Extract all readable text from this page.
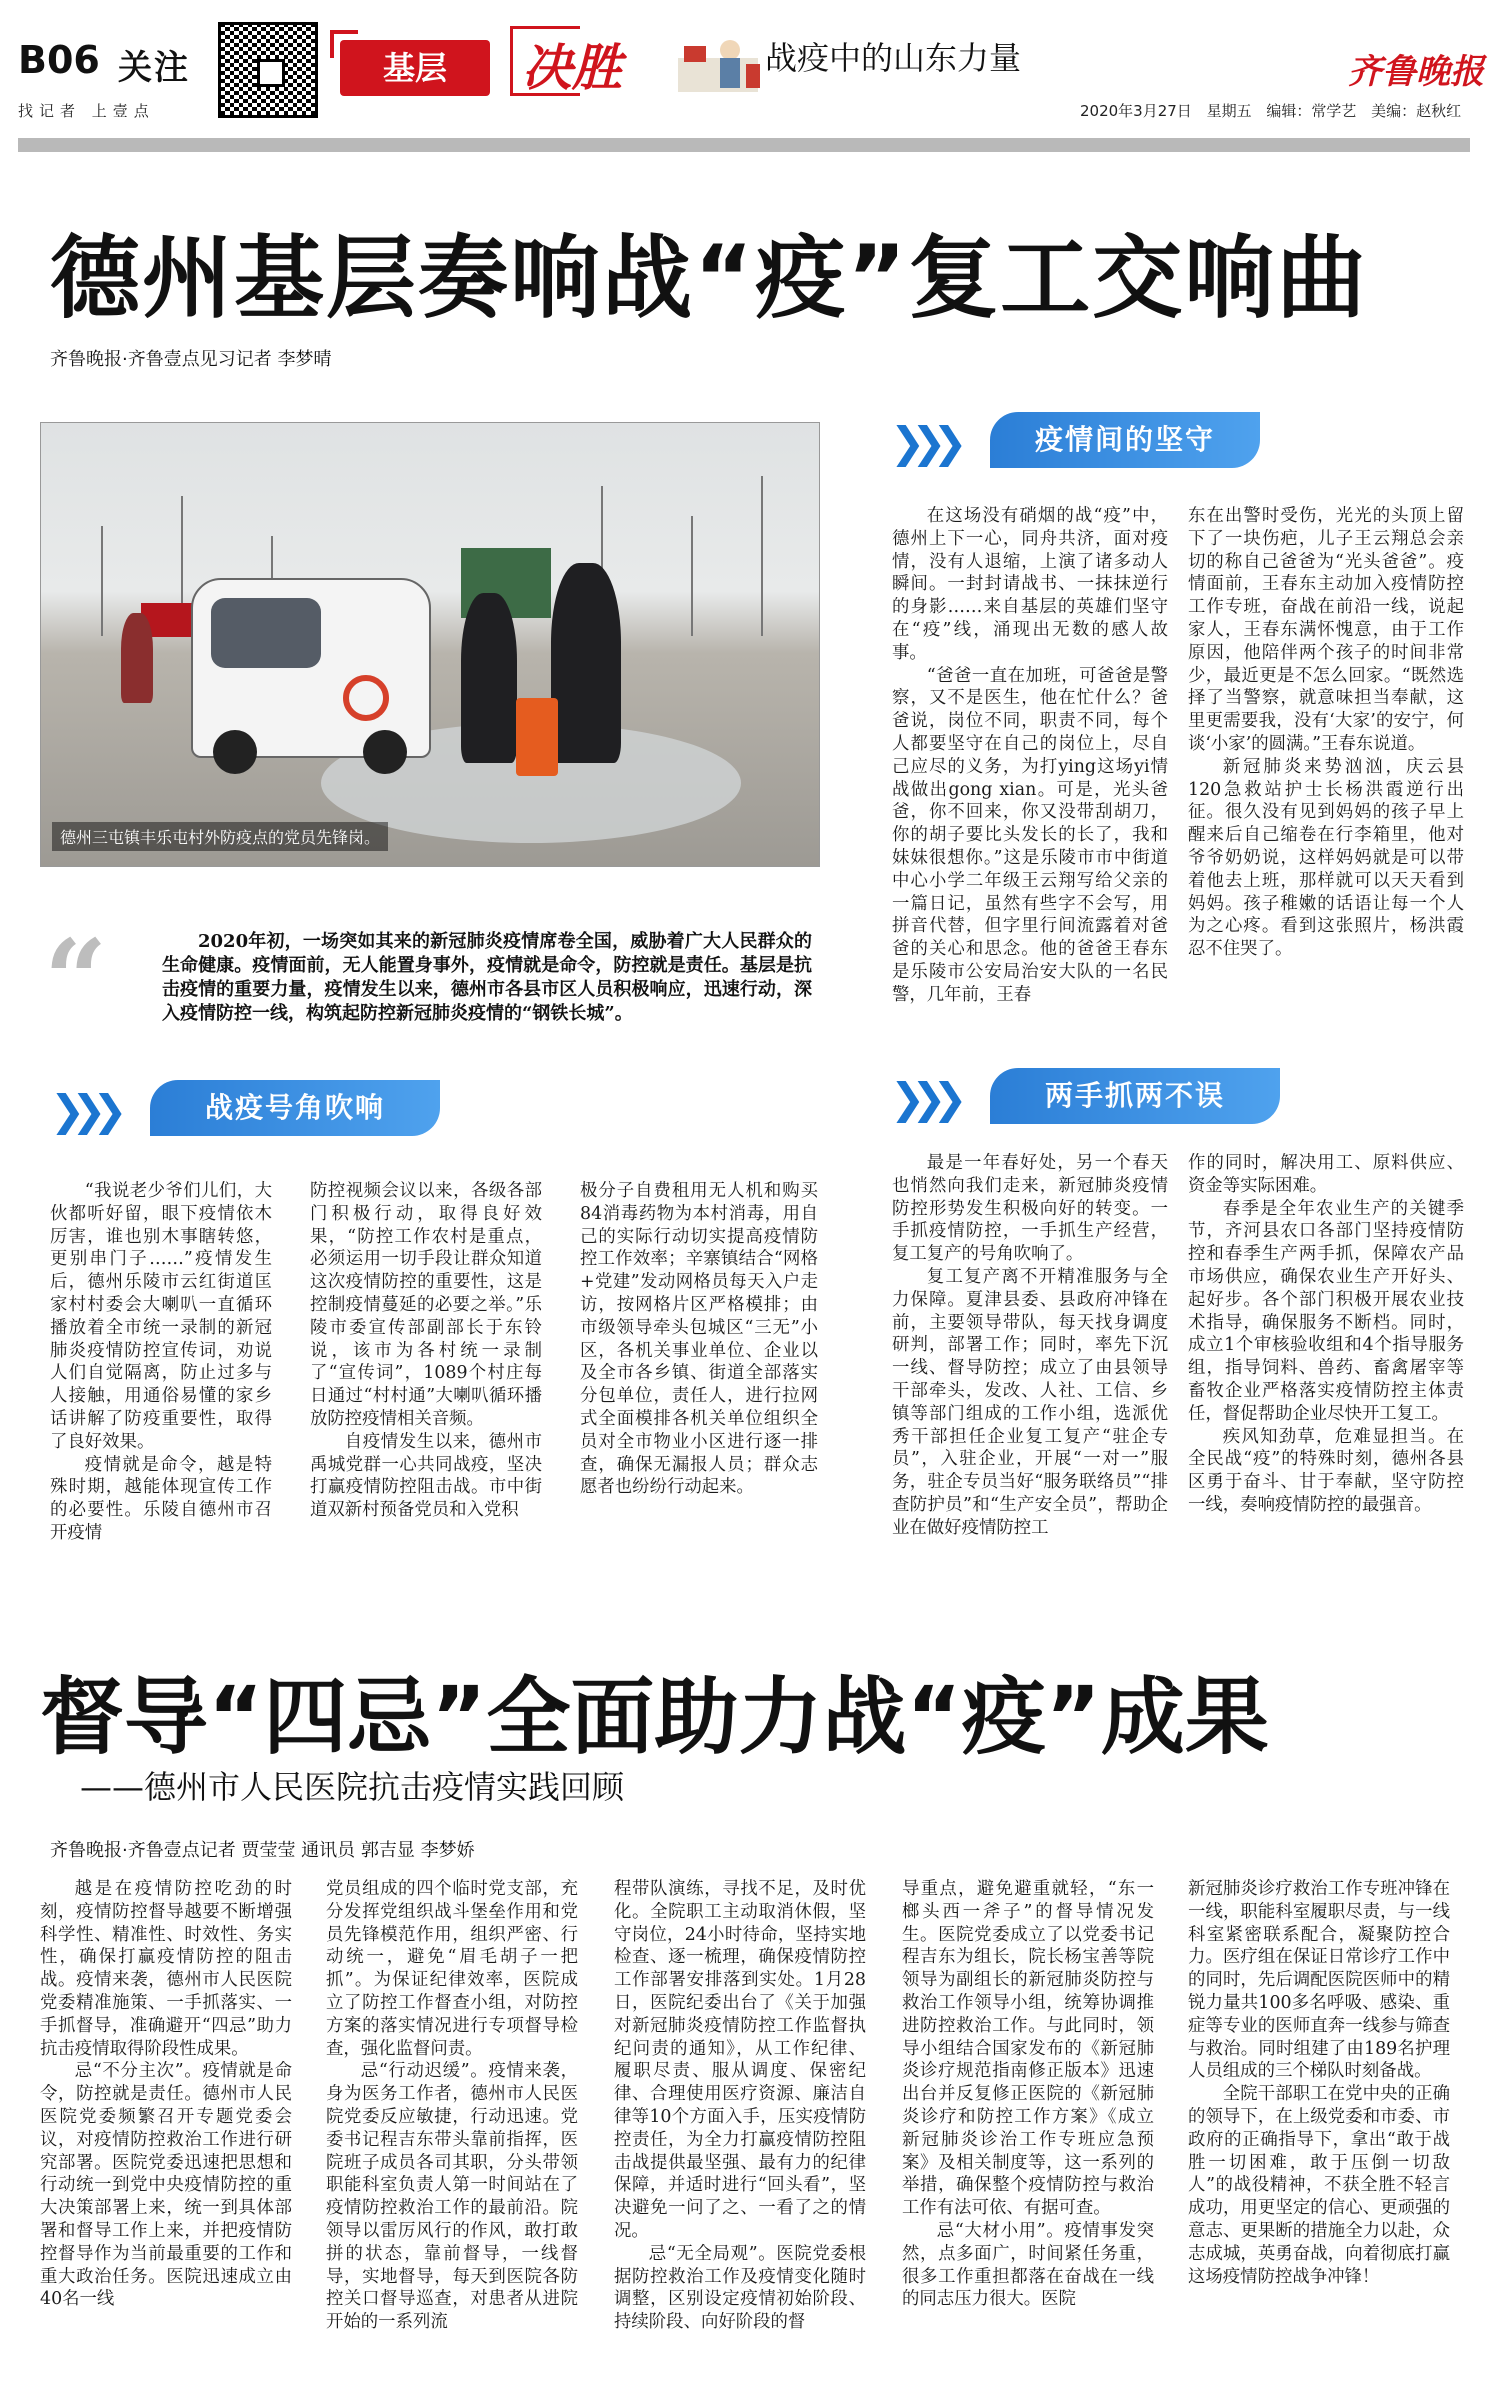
B06 关注
找记者 上壹点
基层	决胜	战疫中的山东力量	齐鲁晚报
2020年3月27日 星期五 编辑：常学艺 美编：赵秋红
德州基层奏响战“疫”复工交响曲
齐鲁晚报·齐鲁壹点见习记者 李梦晴
德州三屯镇丰乐屯村外防疫点的党员先锋岗。
❯❯❯	疫情间的坚守

在这场没有硝烟的战“疫”中，德州上下一心，同舟共济，面对疫情，没有人退缩，上演了诸多动人瞬间。一封封请战书、一抹抹逆行的身影……来自基层的英雄们坚守在“疫”线，涌现出无数的感人故事。

“爸爸一直在加班，可爸爸是警察，又不是医生，他在忙什么？爸爸说，岗位不同，职责不同，每个人都要坚守在自己的岗位上，尽自己应尽的义务，为打ying这场yi情战做出gong xian。可是，光头爸爸，你不回来，你又没带刮胡刀，你的胡子要比头发长的长了，我和妹妹很想你。”这是乐陵市市中街道中心小学二年级王云翔写给父亲的一篇日记，虽然有些字不会写，用拼音代替，但字里行间流露着对爸爸的关心和思念。他的爸爸王春东是乐陵市公安局治安大队的一名民警，几年前，王春

东在出警时受伤，光光的头顶上留下了一块伤疤，儿子王云翔总会亲切的称自己爸爸为“光头爸爸”。疫情面前，王春东主动加入疫情防控工作专班，奋战在前沿一线，说起家人，王春东满怀愧意，由于工作原因，他陪伴两个孩子的时间非常少，最近更是不怎么回家。“既然选择了当警察，就意味担当奉献，这里更需要我，没有‘大家’的安宁，何谈‘小家’的圆满。”王春东说道。

新冠肺炎来势汹汹，庆云县120急救站护士长杨洪霞逆行出征。很久没有见到妈妈的孩子早上醒来后自己缩卷在行李箱里，他对爷爷奶奶说，这样妈妈就是可以带着他去上班，那样就可以天天看到妈妈。孩子稚嫩的话语让每一个人为之心疼。看到这张照片，杨洪霞忍不住哭了。

“	2020年初，一场突如其来的新冠肺炎疫情席卷全国，威胁着广大人民群众的生命健康。疫情面前，无人能置身事外，疫情就是命令，防控就是责任。基层是抗击疫情的重要力量，疫情发生以来，德州市各县市区人员积极响应，迅速行动，深入疫情防控一线，构筑起防控新冠肺炎疫情的“钢铁长城”。
❯❯❯	战疫号角吹响

“我说老少爷们儿们，大伙都听好留，眼下疫情依木厉害，谁也别木事瞎转悠，更别串门子……”疫情发生后，德州乐陵市云红街道匡家村村委会大喇叭一直循环播放着全市统一录制的新冠肺炎疫情防控宣传词，劝说人们自觉隔离，防止过多与人接触，用通俗易懂的家乡话讲解了防疫重要性，取得了良好效果。

疫情就是命令，越是特殊时期，越能体现宣传工作的必要性。乐陵自德州市召开疫情

防控视频会议以来，各级各部门积极行动，取得良好效果，“防控工作农村是重点，必须运用一切手段让群众知道这次疫情防控的重要性，这是控制疫情蔓延的必要之举。”乐陵市委宣传部副部长于东铃说，该市为各村统一录制了“宣传词”，1089个村庄每日通过“村村通”大喇叭循环播放防控疫情相关音频。

自疫情发生以来，德州市禹城党群一心共同战疫，坚决打赢疫情防控阻击战。市中街道双新村预备党员和入党积

极分子自费租用无人机和购买84消毒药物为本村消毒，用自己的实际行动切实提高疫情防控工作效率；辛寨镇结合“网格+党建”发动网格员每天入户走访，按网格片区严格模排；由市级领导牵头包城区“三无”小区，各机关事业单位、企业以及全市各乡镇、街道全部落实分包单位，责任人，进行拉网式全面模排各机关单位组织全员对全市物业小区进行逐一排查，确保无漏报人员；群众志愿者也纷纷行动起来。

❯❯❯	两手抓两不误

最是一年春好处，另一个春天也悄然向我们走来，新冠肺炎疫情防控形势发生积极向好的转变。一手抓疫情防控，一手抓生产经营，复工复产的号角吹响了。

复工复产离不开精准服务与全力保障。夏津县委、县政府冲锋在前，主要领导带队，每天找身调度研判，部署工作；同时，率先下沉一线、督导防控；成立了由县领导干部牵头，发改、人社、工信、乡镇等部门组成的工作小组，选派优秀干部担任企业复工复产“驻企专员”，入驻企业，开展“一对一”服务，驻企专员当好“服务联络员”“排查防护员”和“生产安全员”，帮助企业在做好疫情防控工

作的同时，解决用工、原料供应、资金等实际困难。

春季是全年农业生产的关键季节，齐河县农口各部门坚持疫情防控和春季生产两手抓，保障农产品市场供应，确保农业生产开好头、起好步。各个部门积极开展农业技术指导，确保服务不断档。同时，成立1个审核验收组和4个指导服务组，指导饲料、兽药、畜禽屠宰等畜牧企业严格落实疫情防控主体责任，督促帮助企业尽快开工复工。

疾风知劲草，危难显担当。在全民战“疫”的特殊时刻，德州各县区勇于奋斗、甘于奉献，坚守防控一线，奏响疫情防控的最强音。

督导“四忌”全面助力战“疫”成果
——德州市人民医院抗击疫情实践回顾
齐鲁晚报·齐鲁壹点记者 贾莹莹 通讯员 郭吉显 李梦娇

越是在疫情防控吃劲的时刻，疫情防控督导越要不断增强科学性、精准性、时效性、务实性，确保打赢疫情防控的阻击战。疫情来袭，德州市人民医院党委精准施策、一手抓落实、一手抓督导，准确避开“四忌”助力抗击疫情取得阶段性成果。

忌“不分主次”。疫情就是命令，防控就是责任。德州市人民医院党委频繁召开专题党委会议，对疫情防控救治工作进行研究部署。医院党委迅速把思想和行动统一到党中央疫情防控的重大决策部署上来，统一到具体部署和督导工作上来，并把疫情防控督导作为当前最重要的工作和重大政治任务。医院迅速成立由40名一线

党员组成的四个临时党支部，充分发挥党组织战斗堡垒作用和党员先锋模范作用，组织严密、行动统一，避免“眉毛胡子一把抓”。为保证纪律效率，医院成立了防控工作督查小组，对防控方案的落实情况进行专项督导检查，强化监督问责。

忌“行动迟缓”。疫情来袭，身为医务工作者，德州市人民医院党委反应敏捷，行动迅速。党委书记程吉东带头靠前指挥，医院班子成员各司其职，分头带领职能科室负责人第一时间站在了疫情防控救治工作的最前沿。院领导以雷厉风行的作风，敢打敢拼的状态，靠前督导，一线督导，实地督导，每天到医院各防控关口督导巡查，对患者从进院开始的一系列流

程带队演练，寻找不足，及时优化。全院职工主动取消休假，坚守岗位，24小时待命，坚持实地检查、逐一梳理，确保疫情防控工作部署安排落到实处。1月28日，医院纪委出台了《关于加强对新冠肺炎疫情防控工作监督执纪问责的通知》，从工作纪律、履职尽责、服从调度、保密纪律、合理使用医疗资源、廉洁自律等10个方面入手，压实疫情防控责任，为全力打赢疫情防控阻击战提供最坚强、最有力的纪律保障，并适时进行“回头看”，坚决避免一问了之、一看了之的情况。

忌“无全局观”。医院党委根据防控救治工作及疫情变化随时调整，区别设定疫情初始阶段、持续阶段、向好阶段的督

导重点，避免避重就轻，“东一榔头西一斧子”的督导情况发生。医院党委成立了以党委书记程吉东为组长，院长杨宝善等院领导为副组长的新冠肺炎防控与救治工作领导小组，统筹协调推进防控救治工作。与此同时，领导小组结合国家发布的《新冠肺炎诊疗规范指南修正版本》迅速出台并反复修正医院的《新冠肺炎诊疗和防控工作方案》《成立新冠肺炎诊治工作专班应急预案》及相关制度等，这一系列的举措，确保整个疫情防控与救治工作有法可依、有据可查。

忌“大材小用”。疫情事发突然，点多面广，时间紧任务重，很多工作重担都落在奋战在一线的同志压力很大。医院

新冠肺炎诊疗救治工作专班冲锋在一线，职能科室履职尽责，与一线科室紧密联系配合，凝聚防控合力。医疗组在保证日常诊疗工作中的同时，先后调配医院医师中的精锐力量共100多名呼吸、感染、重症等专业的医师直奔一线参与筛查与救治。同时组建了由189名护理人员组成的三个梯队时刻备战。

全院干部职工在党中央的正确的领导下，在上级党委和市委、市政府的正确指导下，拿出“敢于战胜一切困难，敢于压倒一切敌人”的战役精神，不获全胜不轻言成功，用更坚定的信心、更顽强的意志、更果断的措施全力以赴，众志成城，英勇奋战，向着彻底打赢这场疫情防控战争冲锋！
